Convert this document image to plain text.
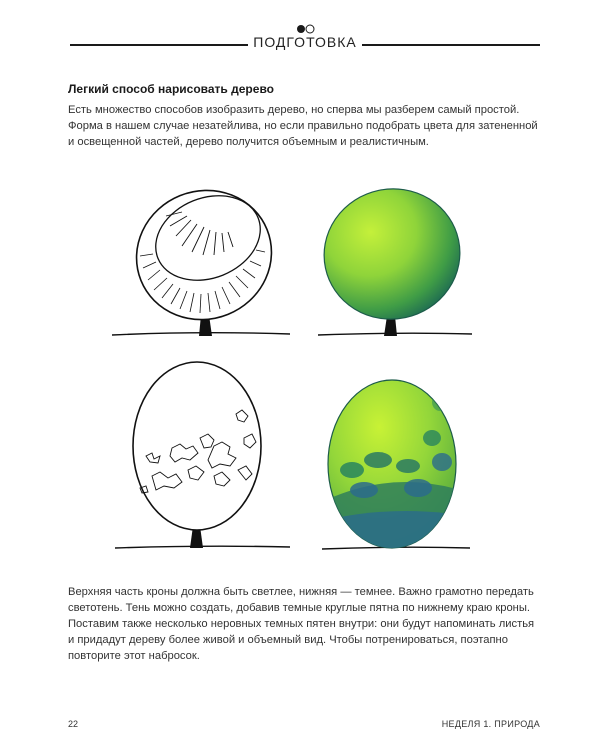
ПОДГОТОВКА
Легкий способ нарисовать дерево

Есть множество способов изобразить дерево, но сперва мы разберем самый простой. Форма в нашем случае незатейлива, но если правильно подобрать цвета для затененной и освещенной частей, дерево получится объемным и реалистичным.

Верхняя часть кроны должна быть светлее, нижняя — темнее. Важно грамотно передать светотень. Тень можно создать, добавив темные круглые пятна по нижнему краю кроны. Поставим также несколько неровных темных пятен внутри: они будут напоминать листья и придадут дереву более живой и объемный вид. Чтобы потренироваться, поэтапно повторите этот набросок.

22	НЕДЕЛЯ 1. ПРИРОДА
